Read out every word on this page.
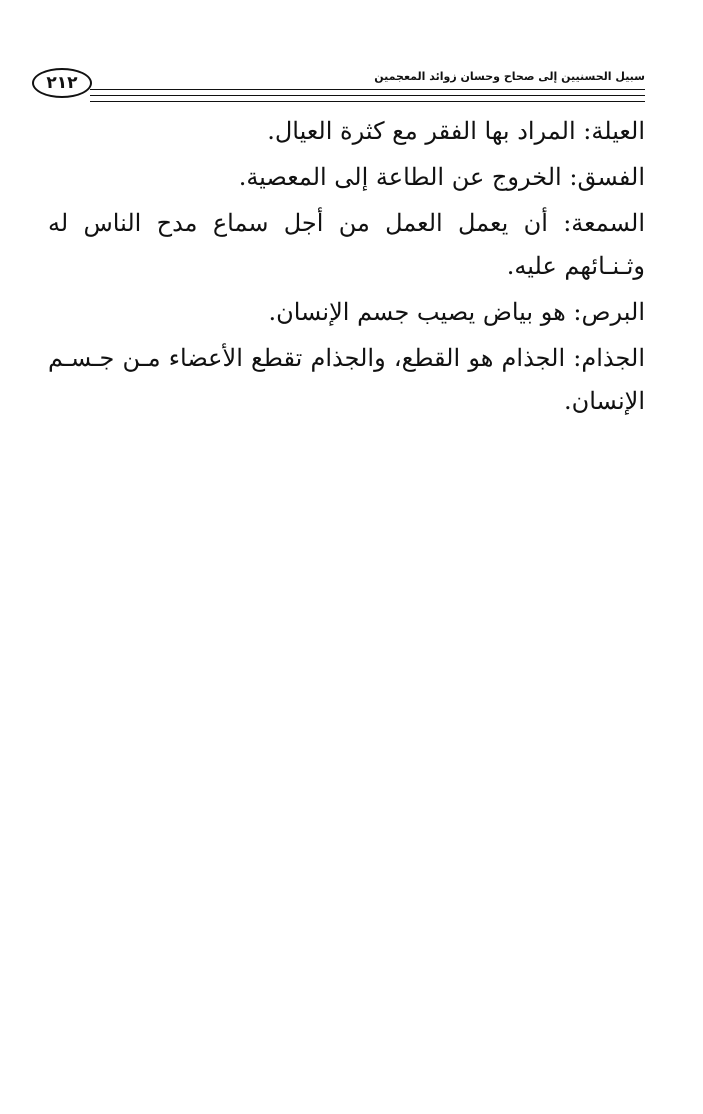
٢١٢	سبيل الحسنيين إلى صحاح وحسان زوائد المعجمين

العيلة: المراد بها الفقر مع كثرة العيال.

الفسق: الخروج عن الطاعة إلى المعصية.

السمعة: أن يعمل العمل من أجل سماع مدح الناس له وثـنـائهم عليه.

البرص: هو بياض يصيب جسم الإنسان.

الجذام: الجذام هو القطع، والجذام تقطع الأعضاء مـن جـسـم الإنسان.
